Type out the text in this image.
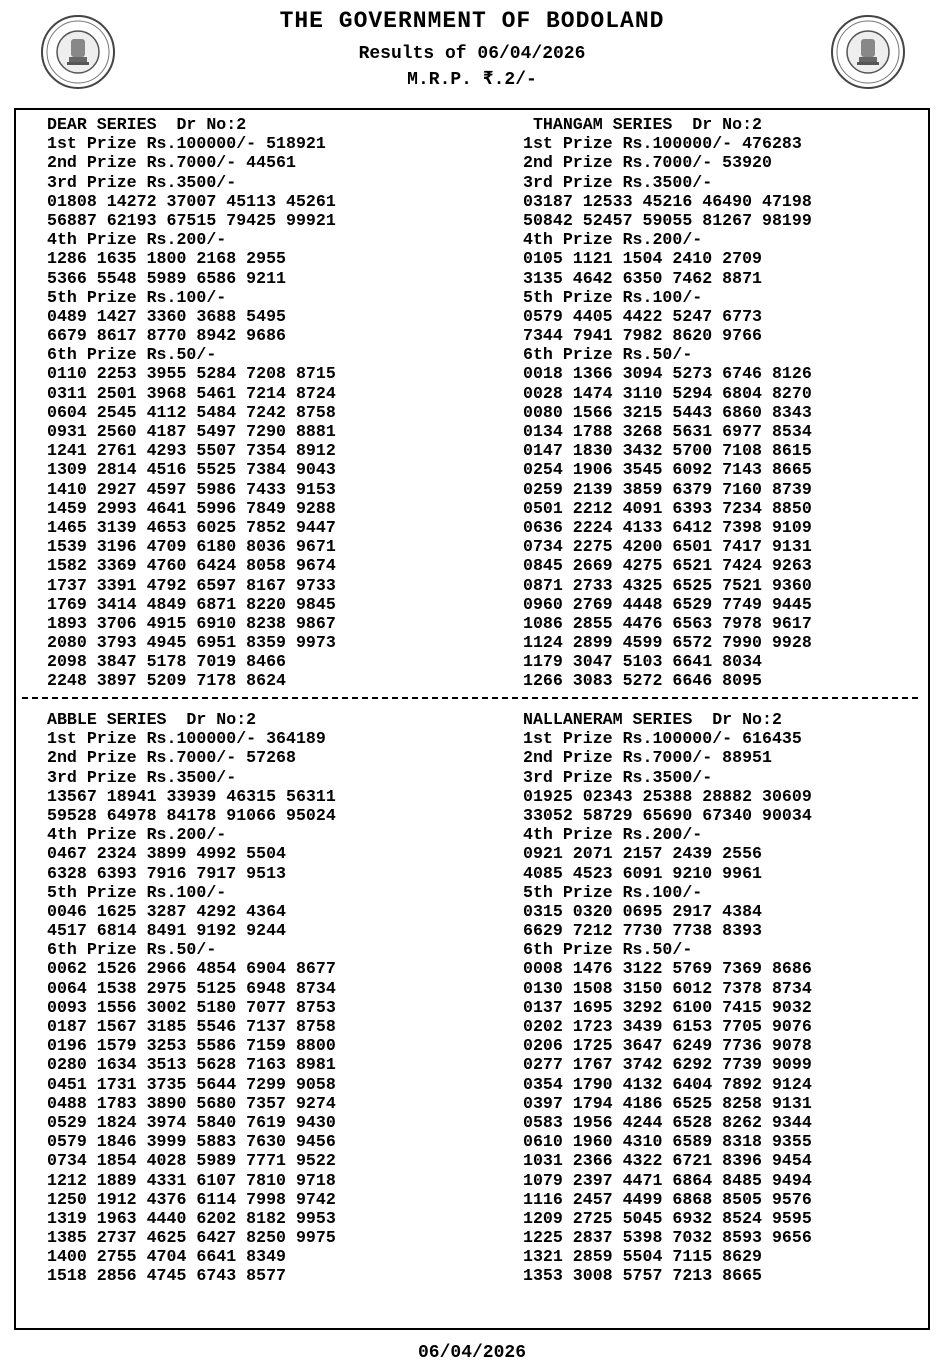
THE GOVERNMENT OF BODOLAND
Results of 06/04/2026
M.R.P. ₹.2/-
DEAR SERIES  Dr No:2
1st Prize Rs.100000/- 518921
2nd Prize Rs.7000/- 44561
3rd Prize Rs.3500/-
01808 14272 37007 45113 45261
56887 62193 67515 79425 99921
4th Prize Rs.200/-
1286 1635 1800 2168 2955
5366 5548 5989 6586 9211
5th Prize Rs.100/-
0489 1427 3360 3688 5495
6679 8617 8770 8942 9686
6th Prize Rs.50/-
0110 2253 3955 5284 7208 8715
0311 2501 3968 5461 7214 8724
0604 2545 4112 5484 7242 8758
0931 2560 4187 5497 7290 8881
1241 2761 4293 5507 7354 8912
1309 2814 4516 5525 7384 9043
1410 2927 4597 5986 7433 9153
1459 2993 4641 5996 7849 9288
1465 3139 4653 6025 7852 9447
1539 3196 4709 6180 8036 9671
1582 3369 4760 6424 8058 9674
1737 3391 4792 6597 8167 9733
1769 3414 4849 6871 8220 9845
1893 3706 4915 6910 8238 9867
2080 3793 4945 6951 8359 9973
2098 3847 5178 7019 8466
2248 3897 5209 7178 8624
THANGAM SERIES  Dr No:2
1st Prize Rs.100000/- 476283
2nd Prize Rs.7000/- 53920
3rd Prize Rs.3500/-
03187 12533 45216 46490 47198
50842 52457 59055 81267 98199
4th Prize Rs.200/-
0105 1121 1504 2410 2709
3135 4642 6350 7462 8871
5th Prize Rs.100/-
0579 4405 4422 5247 6773
7344 7941 7982 8620 9766
6th Prize Rs.50/-
0018 1366 3094 5273 6746 8126
0028 1474 3110 5294 6804 8270
0080 1566 3215 5443 6860 8343
0134 1788 3268 5631 6977 8534
0147 1830 3432 5700 7108 8615
0254 1906 3545 6092 7143 8665
0259 2139 3859 6379 7160 8739
0501 2212 4091 6393 7234 8850
0636 2224 4133 6412 7398 9109
0734 2275 4200 6501 7417 9131
0845 2669 4275 6521 7424 9263
0871 2733 4325 6525 7521 9360
0960 2769 4448 6529 7749 9445
1086 2855 4476 6563 7978 9617
1124 2899 4599 6572 7990 9928
1179 3047 5103 6641 8034
1266 3083 5272 6646 8095
ABBLE SERIES  Dr No:2
1st Prize Rs.100000/- 364189
2nd Prize Rs.7000/- 57268
3rd Prize Rs.3500/-
13567 18941 33939 46315 56311
59528 64978 84178 91066 95024
4th Prize Rs.200/-
0467 2324 3899 4992 5504
6328 6393 7916 7917 9513
5th Prize Rs.100/-
0046 1625 3287 4292 4364
4517 6814 8491 9192 9244
6th Prize Rs.50/-
0062 1526 2966 4854 6904 8677
0064 1538 2975 5125 6948 8734
0093 1556 3002 5180 7077 8753
0187 1567 3185 5546 7137 8758
0196 1579 3253 5586 7159 8800
0280 1634 3513 5628 7163 8981
0451 1731 3735 5644 7299 9058
0488 1783 3890 5680 7357 9274
0529 1824 3974 5840 7619 9430
0579 1846 3999 5883 7630 9456
0734 1854 4028 5989 7771 9522
1212 1889 4331 6107 7810 9718
1250 1912 4376 6114 7998 9742
1319 1963 4440 6202 8182 9953
1385 2737 4625 6427 8250 9975
1400 2755 4704 6641 8349
1518 2856 4745 6743 8577
NALLANERAM SERIES  Dr No:2
1st Prize Rs.100000/- 616435
2nd Prize Rs.7000/- 88951
3rd Prize Rs.3500/-
01925 02343 25388 28882 30609
33052 58729 65690 67340 90034
4th Prize Rs.200/-
0921 2071 2157 2439 2556
4085 4523 6091 9210 9961
5th Prize Rs.100/-
0315 0320 0695 2917 4384
6629 7212 7730 7738 8393
6th Prize Rs.50/-
0008 1476 3122 5769 7369 8686
0130 1508 3150 6012 7378 8734
0137 1695 3292 6100 7415 9032
0202 1723 3439 6153 7705 9076
0206 1725 3647 6249 7736 9078
0277 1767 3742 6292 7739 9099
0354 1790 4132 6404 7892 9124
0397 1794 4186 6525 8258 9131
0583 1956 4244 6528 8262 9344
0610 1960 4310 6589 8318 9355
1031 2366 4322 6721 8396 9454
1079 2397 4471 6864 8485 9494
1116 2457 4499 6868 8505 9576
1209 2725 5045 6932 8524 9595
1225 2837 5398 7032 8593 9656
1321 2859 5504 7115 8629
1353 3008 5757 7213 8665
06/04/2026
